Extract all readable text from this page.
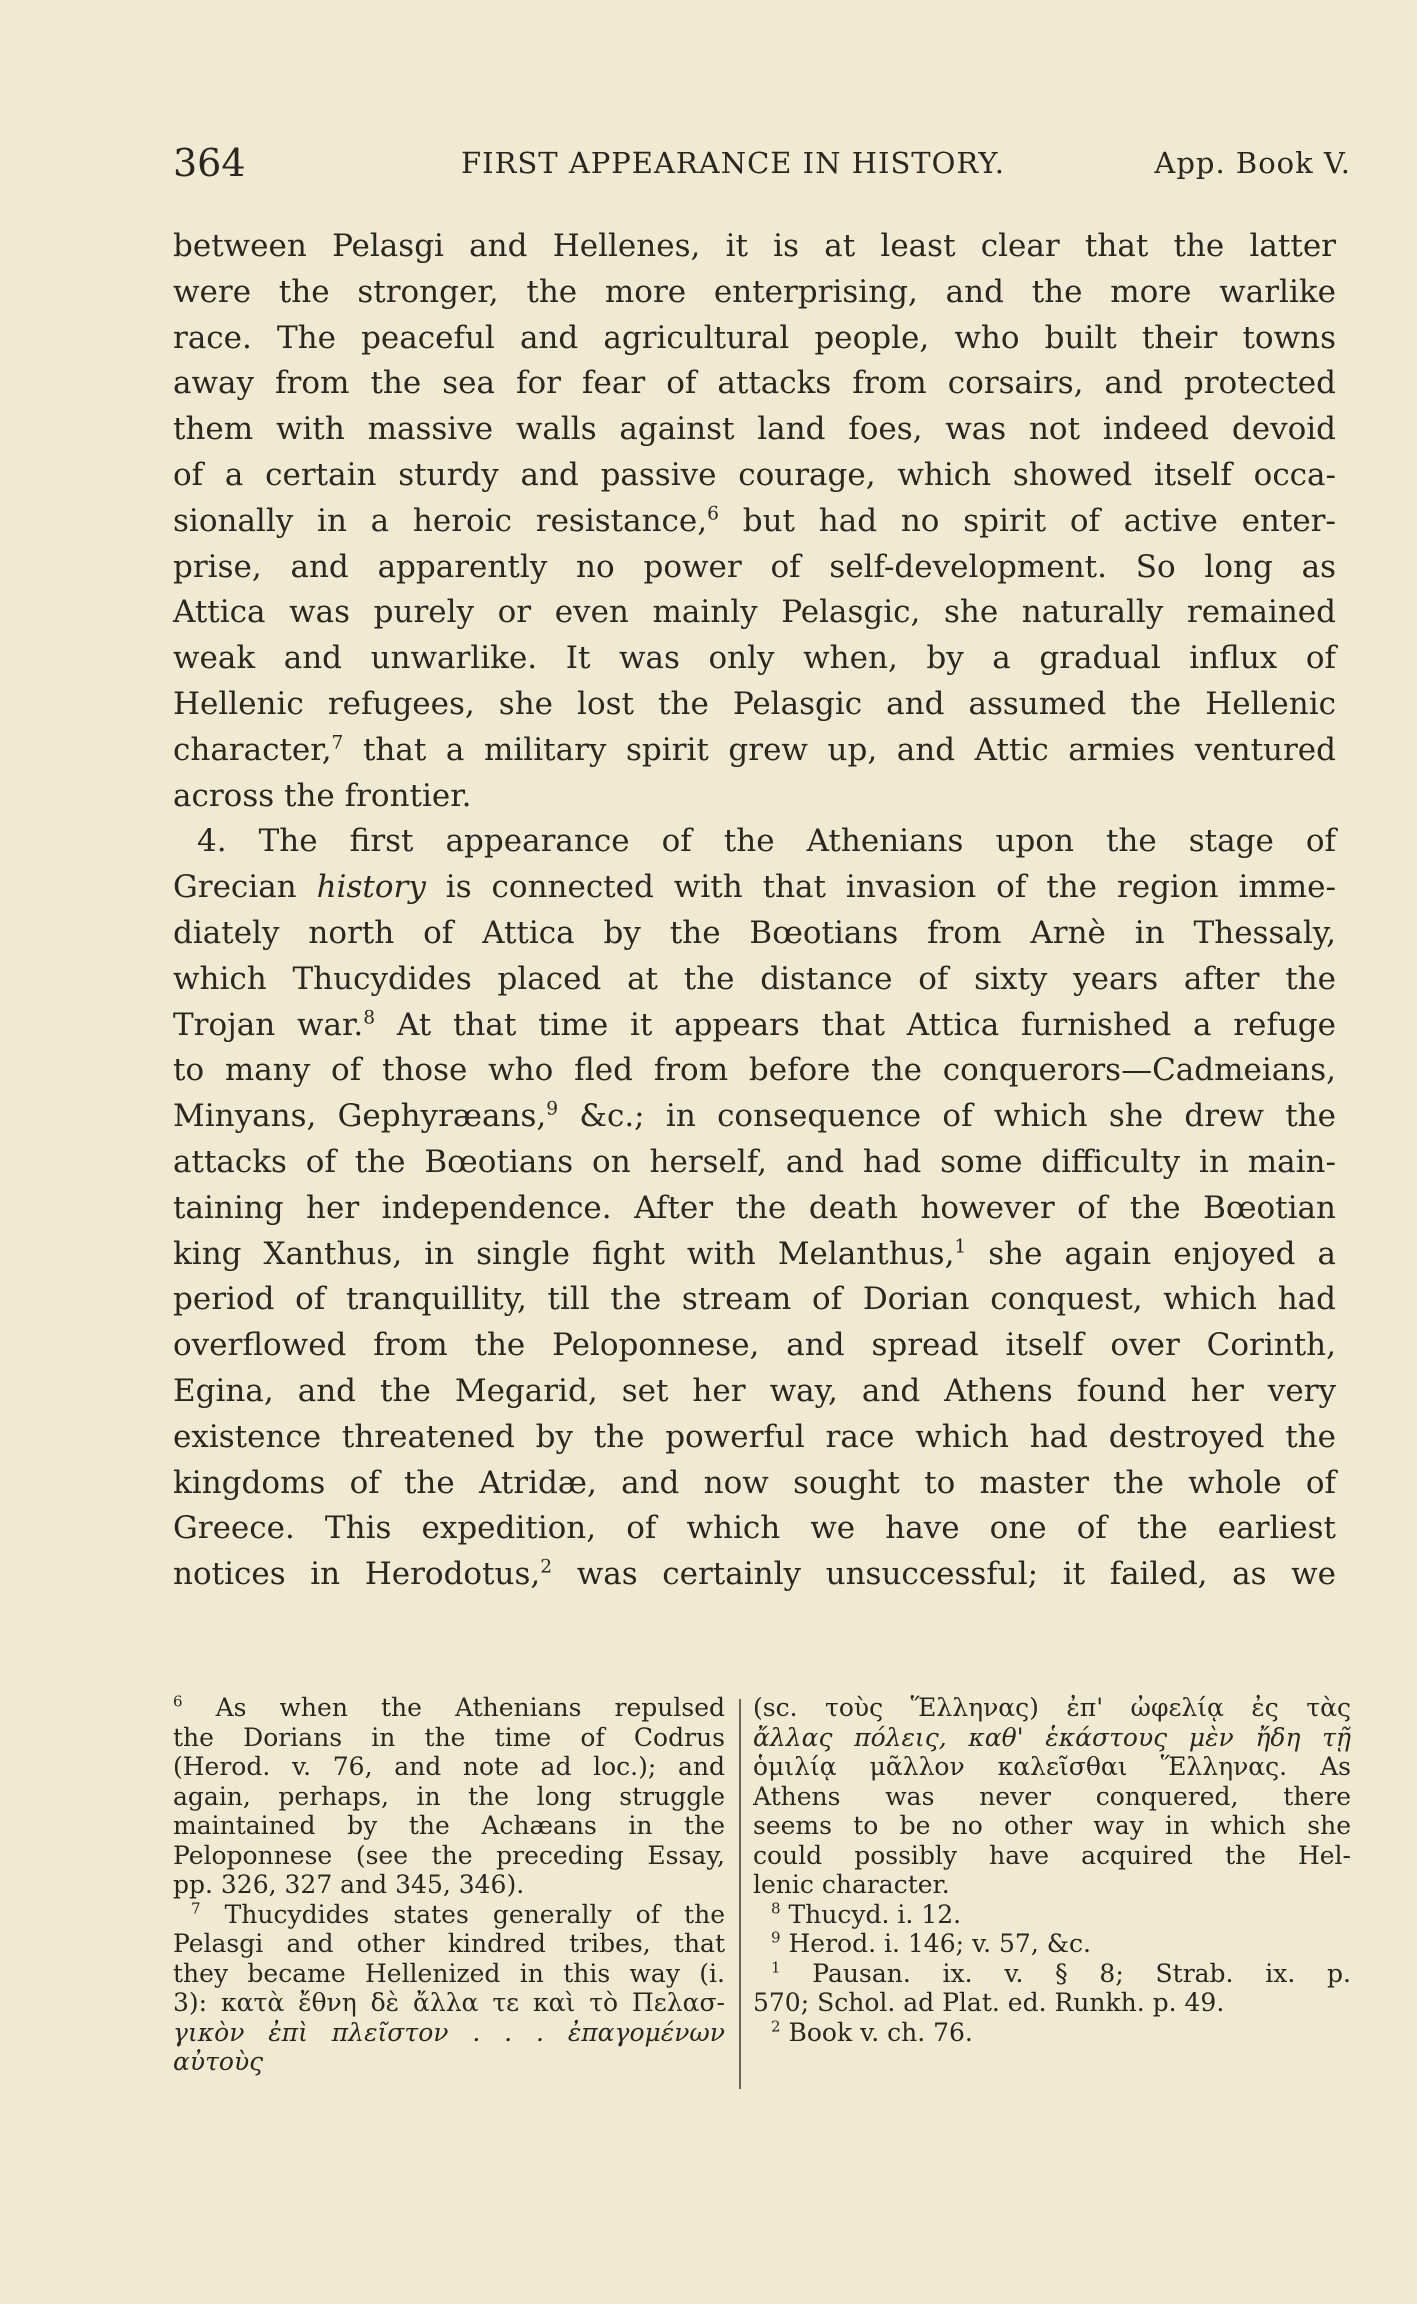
364	FIRST APPEARANCE IN HISTORY.	App. Book V.

between Pelasgi and Hellenes, it is at least clear that the latter

were the stronger, the more enterprising, and the more warlike

race. The peaceful and agricultural people, who built their towns

away from the sea for fear of attacks from corsairs, and protected

them with massive walls against land foes, was not indeed devoid

of a certain sturdy and passive courage, which showed itself occa-

sionally in a heroic resistance,$^6$ but had no spirit of active enter-

prise, and apparently no power of self-development. So long as

Attica was purely or even mainly Pelasgic, she naturally remained

weak and unwarlike. It was only when, by a gradual influx of

Hellenic refugees, she lost the Pelasgic and assumed the Hellenic

character,$^7$ that a military spirit grew up, and Attic armies ventured

across the frontier.

4. The first appearance of the Athenians upon the stage of

Grecian history is connected with that invasion of the region imme-

diately north of Attica by the Bœotians from Arnè in Thessaly,

which Thucydides placed at the distance of sixty years after the

Trojan war.$^8$ At that time it appears that Attica furnished a refuge

to many of those who fled from before the conquerors—Cadmeians,

Minyans, Gephyræans,$^9$ &c.; in consequence of which she drew the

attacks of the Bœotians on herself, and had some difficulty in main-

taining her independence. After the death however of the Bœotian

king Xanthus, in single fight with Melanthus,$^1$ she again enjoyed a

period of tranquillity, till the stream of Dorian conquest, which had

overflowed from the Peloponnese, and spread itself over Corinth,

Egina, and the Megarid, set her way, and Athens found her very

existence threatened by the powerful race which had destroyed the

kingdoms of the Atridæ, and now sought to master the whole of

Greece. This expedition, of which we have one of the earliest

notices in Herodotus,$^2$ was certainly unsuccessful; it failed, as we

$^6$ As when the Athenians repulsed

the Dorians in the time of Codrus

(Herod. v. 76, and note ad loc.); and

again, perhaps, in the long struggle

maintained by the Achæans in the

Peloponnese (see the preceding Essay,

pp. 326, 327 and 345, 346).

$^7$ Thucydides states generally of the

Pelasgi and other kindred tribes, that

they became Hellenized in this way (i.

3): κατὰ ἔθνη δὲ ἄλλα τε καὶ τὸ Πελασ-

γικὸν ἐπὶ πλεῖστον . . . ἐπαγομένων αὐτοὺς

(sc. τοὺς Ἕλληνας) ἐπ' ὠφελίᾳ ἐς τὰς

ἄλλας πόλεις, καθ' ἑκάστους μὲν ἤδη τῇ

ὁμιλίᾳ μᾶλλον καλεῖσθαι Ἕλληνας. As

Athens was never conquered, there

seems to be no other way in which she

could possibly have acquired the Hel-

lenic character.

$^8$ Thucyd. i. 12.

$^9$ Herod. i. 146; v. 57, &c.

$^1$ Pausan. ix. v. § 8; Strab. ix. p.

570; Schol. ad Plat. ed. Runkh. p. 49.

$^2$ Book v. ch. 76.
